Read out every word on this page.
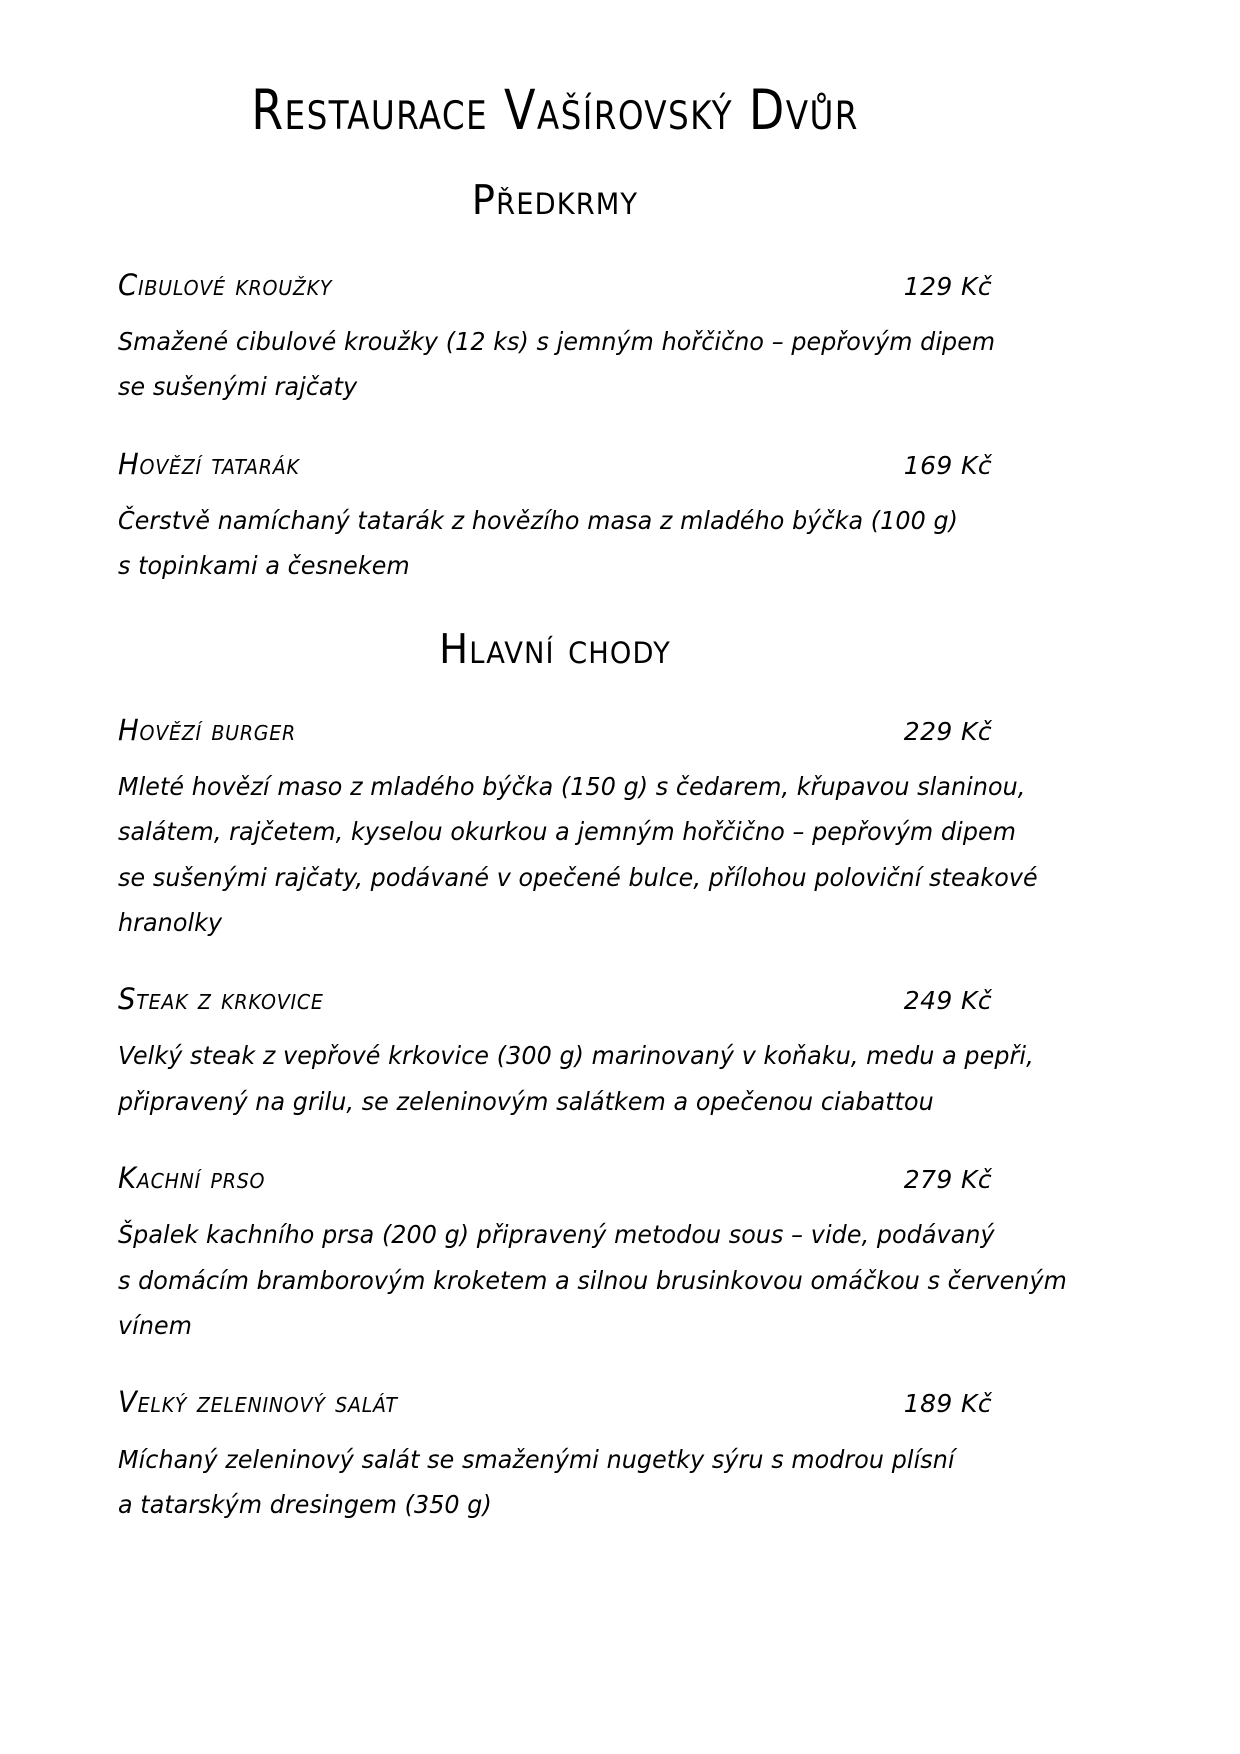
Restaurace Vašírovský Dvůr
Předkrmy
Cibulové kroužky	129 Kč
Smažené cibulové kroužky (12 ks) s jemným hořčično – pepřovým dipem
se sušenými rajčaty
Hovězí tatarák	169 Kč
Čerstvě namíchaný tatarák z hovězího masa z mladého býčka (100 g)
s topinkami a česnekem
Hlavní chody
Hovězí burger	229 Kč
Mleté hovězí maso z mladého býčka (150 g) s čedarem, křupavou slaninou,
salátem, rajčetem, kyselou okurkou a jemným hořčično – pepřovým dipem
se sušenými rajčaty, podávané v opečené bulce, přílohou poloviční steakové
hranolky
Steak z krkovice	249 Kč
Velký steak z vepřové krkovice (300 g) marinovaný v koňaku, medu a pepři,
připravený na grilu, se zeleninovým salátkem a opečenou ciabattou
Kachní prso	279 Kč
Špalek kachního prsa (200 g) připravený metodou sous – vide, podávaný
s domácím bramborovým kroketem a silnou brusinkovou omáčkou s červeným
vínem
Velký zeleninový salát	189 Kč
Míchaný zeleninový salát se smaženými nugetky sýru s modrou plísní
a tatarským dresingem (350 g)
